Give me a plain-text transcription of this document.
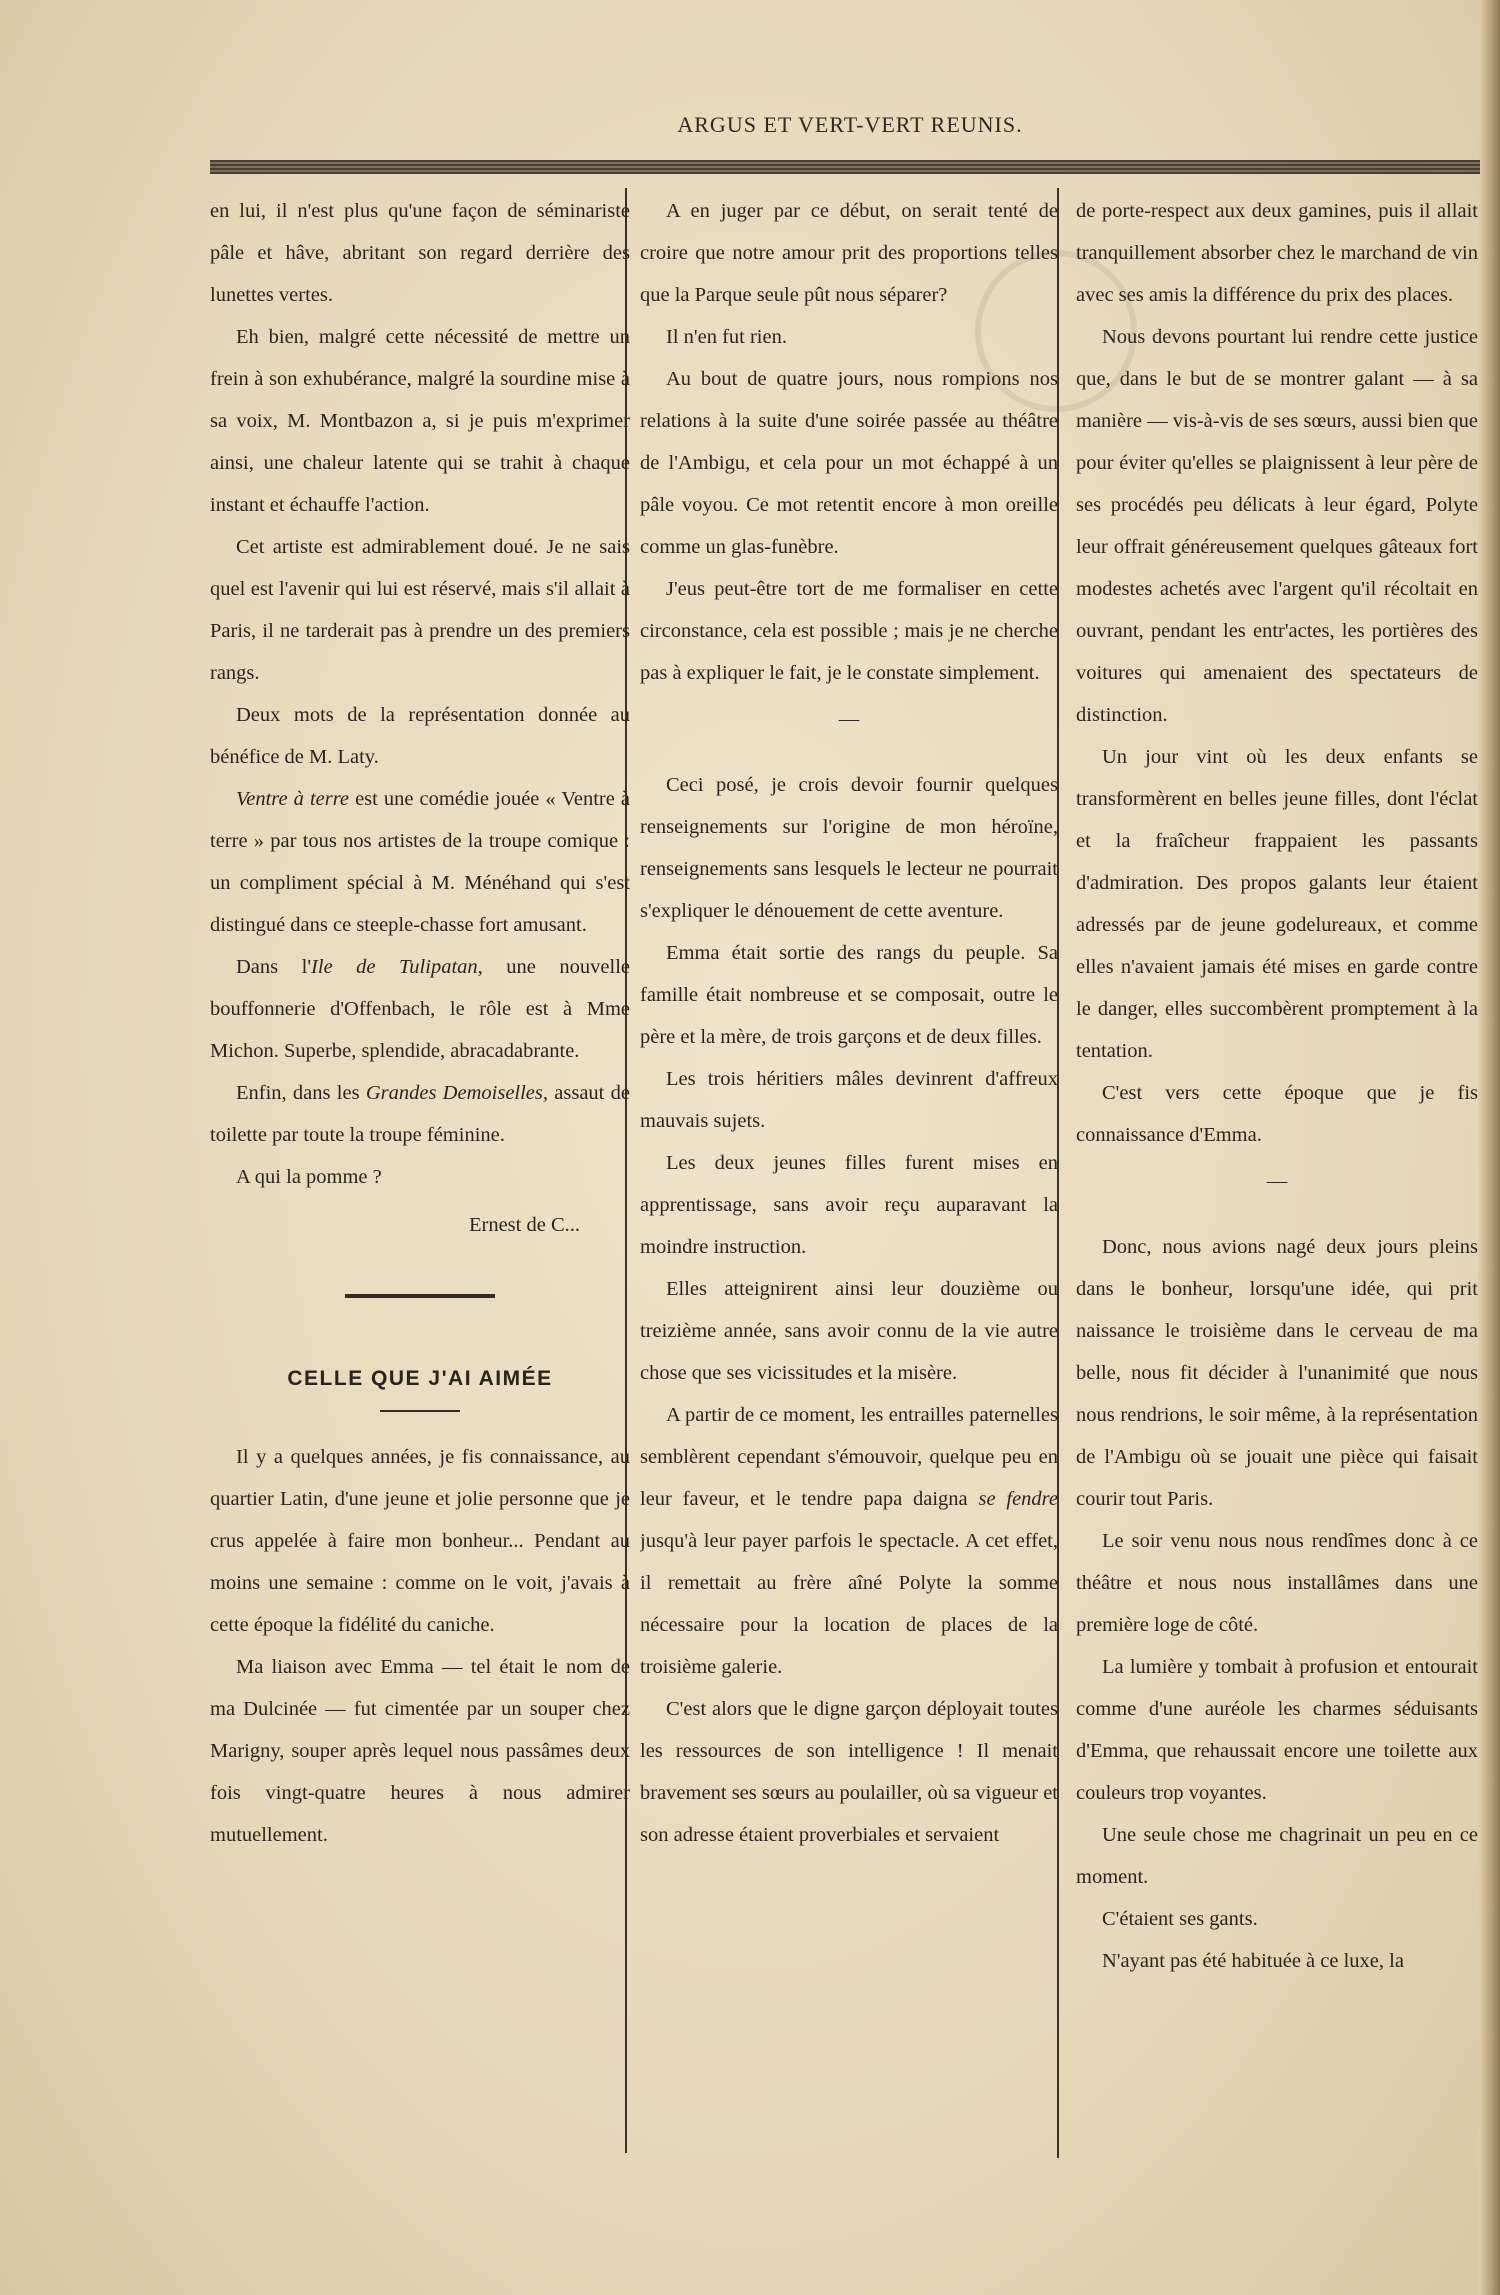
ARGUS ET VERT-VERT REUNIS.

en lui, il n'est plus qu'une façon de séminariste pâle et hâve, abritant son regard derrière des lunettes vertes.

Eh bien, malgré cette nécessité de mettre un frein à son exhubérance, malgré la sourdine mise à sa voix, M. Montbazon a, si je puis m'exprimer ainsi, une chaleur latente qui se trahit à chaque instant et échauffe l'action.

Cet artiste est admirablement doué. Je ne sais quel est l'avenir qui lui est réservé, mais s'il allait à Paris, il ne tarderait pas à prendre un des premiers rangs.

Deux mots de la représentation donnée au bénéfice de M. Laty.

Ventre à terre est une comédie jouée « Ventre à terre » par tous nos artistes de la troupe comique : un compliment spécial à M. Ménéhand qui s'est distingué dans ce steeple-chasse fort amusant.

Dans l'Ile de Tulipatan, une nouvelle bouffonnerie d'Offenbach, le rôle est à Mme Michon. Superbe, splendide, abracadabrante.

Enfin, dans les Grandes Demoiselles, assaut de toilette par toute la troupe féminine.

A qui la pomme ?

Ernest de C...

CELLE QUE J'AI AIMÉE

Il y a quelques années, je fis connaissance, au quartier Latin, d'une jeune et jolie personne que je crus appelée à faire mon bonheur... Pendant au moins une semaine : comme on le voit, j'avais à cette époque la fidélité du caniche.

Ma liaison avec Emma — tel était le nom de ma Dulcinée — fut cimentée par un souper chez Marigny, souper après lequel nous passâmes deux fois vingt-quatre heures à nous admirer mutuellement.

A en juger par ce début, on serait tenté de croire que notre amour prit des proportions telles que la Parque seule pût nous séparer?

Il n'en fut rien.

Au bout de quatre jours, nous rompions nos relations à la suite d'une soirée passée au théâtre de l'Ambigu, et cela pour un mot échappé à un pâle voyou. Ce mot retentit encore à mon oreille comme un glas-funèbre.

J'eus peut-être tort de me formaliser en cette circonstance, cela est possible ; mais je ne cherche pas à expliquer le fait, je le constate simplement.

—

Ceci posé, je crois devoir fournir quelques renseignements sur l'origine de mon héroïne, renseignements sans lesquels le lecteur ne pourrait s'expliquer le dénouement de cette aventure.

Emma était sortie des rangs du peuple. Sa famille était nombreuse et se composait, outre le père et la mère, de trois garçons et de deux filles.

Les trois héritiers mâles devinrent d'affreux mauvais sujets.

Les deux jeunes filles furent mises en apprentissage, sans avoir reçu auparavant la moindre instruction.

Elles atteignirent ainsi leur douzième ou treizième année, sans avoir connu de la vie autre chose que ses vicissitudes et la misère.

A partir de ce moment, les entrailles paternelles semblèrent cependant s'émouvoir, quelque peu en leur faveur, et le tendre papa daigna se fendre jusqu'à leur payer parfois le spectacle. A cet effet, il remettait au frère aîné Polyte la somme nécessaire pour la location de places de la troisième galerie.

C'est alors que le digne garçon déployait toutes les ressources de son intelligence ! Il menait bravement ses sœurs au poulailler, où sa vigueur et son adresse étaient proverbiales et servaient

de porte-respect aux deux gamines, puis il allait tranquillement absorber chez le marchand de vin avec ses amis la différence du prix des places.

Nous devons pourtant lui rendre cette justice que, dans le but de se montrer galant — à sa manière — vis-à-vis de ses sœurs, aussi bien que pour éviter qu'elles se plaignissent à leur père de ses procédés peu délicats à leur égard, Polyte leur offrait généreusement quelques gâteaux fort modestes achetés avec l'argent qu'il récoltait en ouvrant, pendant les entr'actes, les portières des voitures qui amenaient des spectateurs de distinction.

Un jour vint où les deux enfants se transformèrent en belles jeune filles, dont l'éclat et la fraîcheur frappaient les passants d'admiration. Des propos galants leur étaient adressés par de jeune godelureaux, et comme elles n'avaient jamais été mises en garde contre le danger, elles succombèrent promptement à la tentation.

C'est vers cette époque que je fis connaissance d'Emma.

—

Donc, nous avions nagé deux jours pleins dans le bonheur, lorsqu'une idée, qui prit naissance le troisième dans le cerveau de ma belle, nous fit décider à l'unanimité que nous nous rendrions, le soir même, à la représentation de l'Ambigu où se jouait une pièce qui faisait courir tout Paris.

Le soir venu nous nous rendîmes donc à ce théâtre et nous nous installâmes dans une première loge de côté.

La lumière y tombait à profusion et entourait comme d'une auréole les charmes séduisants d'Emma, que rehaussait encore une toilette aux couleurs trop voyantes.

Une seule chose me chagrinait un peu en ce moment.

C'étaient ses gants.

N'ayant pas été habituée à ce luxe, la
